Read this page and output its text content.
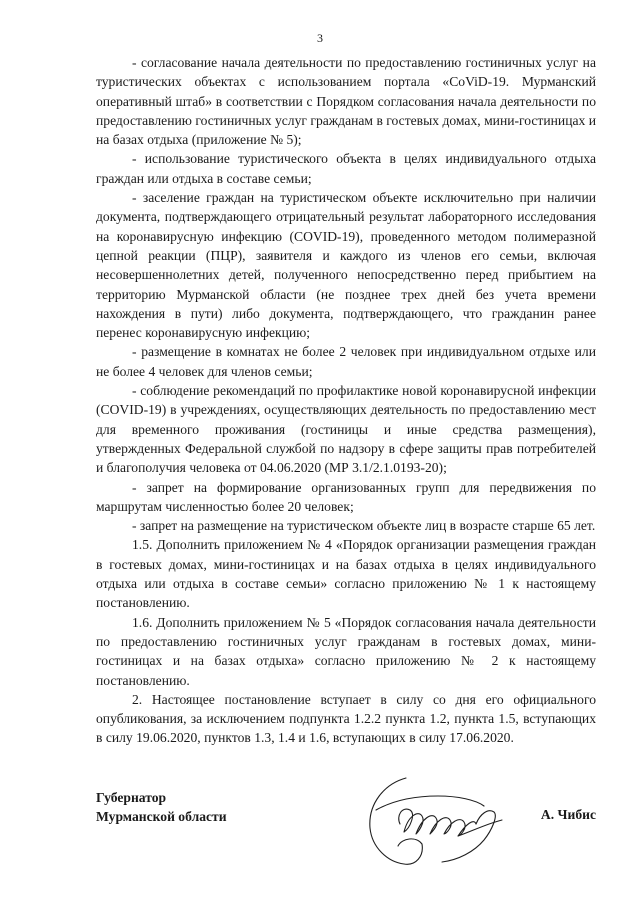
3

- согласование начала деятельности по предоставлению гостиничных услуг на туристических объектах с использованием портала «CoViD-19. Мурманский оперативный штаб» в соответствии с Порядком согласования начала деятельности по предоставлению гостиничных услуг гражданам в гостевых домах, мини-гостиницах и на базах отдыха (приложение № 5);

- использование туристического объекта в целях индивидуального отдыха граждан или отдыха в составе семьи;

- заселение граждан на туристическом объекте исключительно при наличии документа, подтверждающего отрицательный результат лабораторного исследования на коронавирусную инфекцию (COVID-19), проведенного методом полимеразной цепной реакции (ПЦР), заявителя и каждого из членов его семьи, включая несовершеннолетних детей, полученного непосредственно перед прибытием на территорию Мурманской области (не позднее трех дней без учета времени нахождения в пути) либо документа, подтверждающего, что гражданин ранее перенес коронавирусную инфекцию;

- размещение в комнатах не более 2 человек при индивидуальном отдыхе или не более 4 человек для членов семьи;

- соблюдение рекомендаций по профилактике новой коронавирусной инфекции (COVID-19) в учреждениях, осуществляющих деятельность по предоставлению мест для временного проживания (гостиницы и иные средства размещения), утвержденных Федеральной службой по надзору в сфере защиты прав потребителей и благополучия человека от 04.06.2020 (МР 3.1/2.1.0193-20);

- запрет на формирование организованных групп для передвижения по маршрутам численностью более 20 человек;

- запрет на размещение на туристическом объекте лиц в возрасте старше 65 лет.

1.5. Дополнить приложением № 4 «Порядок организации размещения граждан в гостевых домах, мини-гостиницах и на базах отдыха в целях индивидуального отдыха или отдыха в составе семьи» согласно приложению № 1 к настоящему постановлению.

1.6. Дополнить приложением № 5 «Порядок согласования начала деятельности по предоставлению гостиничных услуг гражданам в гостевых домах, мини-гостиницах и на базах отдыха» согласно приложению № 2 к настоящему постановлению.

2. Настоящее постановление вступает в силу со дня его официального опубликования, за исключением подпункта 1.2.2 пункта 1.2, пункта 1.5, вступающих в силу 19.06.2020, пунктов 1.3, 1.4 и 1.6, вступающих в силу 17.06.2020.

Губернатор
Мурманской области	А. Чибис
